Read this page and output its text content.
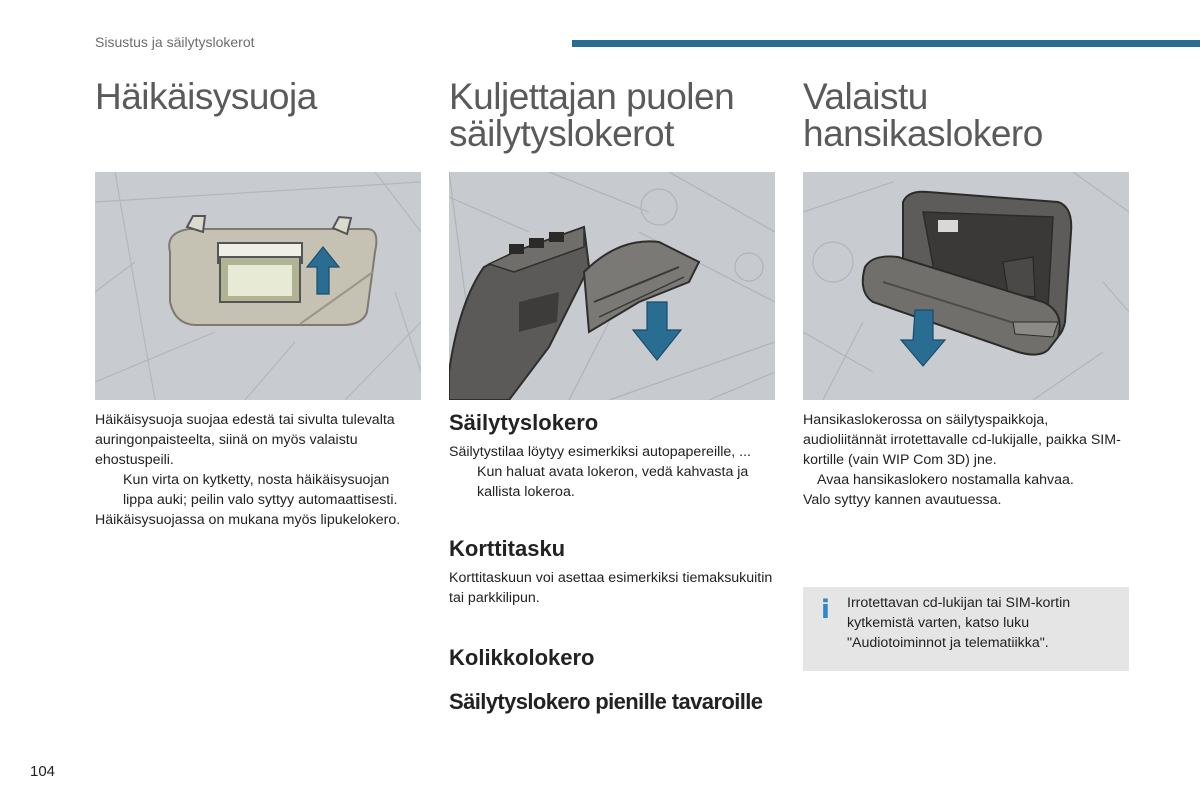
Sisustus ja säilytyslokerot
Häikäisysuoja

Häikäisysuoja suojaa edestä tai sivulta tulevalta auringonpaisteelta, siinä on myös valaistu ehostuspeili.

Kun virta on kytketty, nosta häikäisysuojan lippa auki; peilin valo syttyy automaattisesti.

Häikäisysuojassa on mukana myös lipukelokero.

Kuljettajan puolen
säilytyslokerot
Säilytyslokero

Säilytystilaa löytyy esimerkiksi autopapereille, ...

Kun haluat avata lokeron, vedä kahvasta ja kallista lokeroa.

Korttitasku

Korttitaskuun voi asettaa esimerkiksi tiemaksukuitin tai parkkilipun.

Kolikkolokero
Säilytyslokero pienille tavaroille
Valaistu
hansikaslokero

Hansikaslokerossa on säilytyspaikkoja, audioliitännät irrotettavalle cd-lukijalle, paikka SIM-kortille (vain WIP Com 3D) jne.

Avaa hansikaslokero nostamalla kahvaa.

Valo syttyy kannen avautuessa.

i Irrotettavan cd-lukijan tai SIM-kortin kytkemistä varten, katso luku "Audiotoiminnot ja telematiikka".
104
